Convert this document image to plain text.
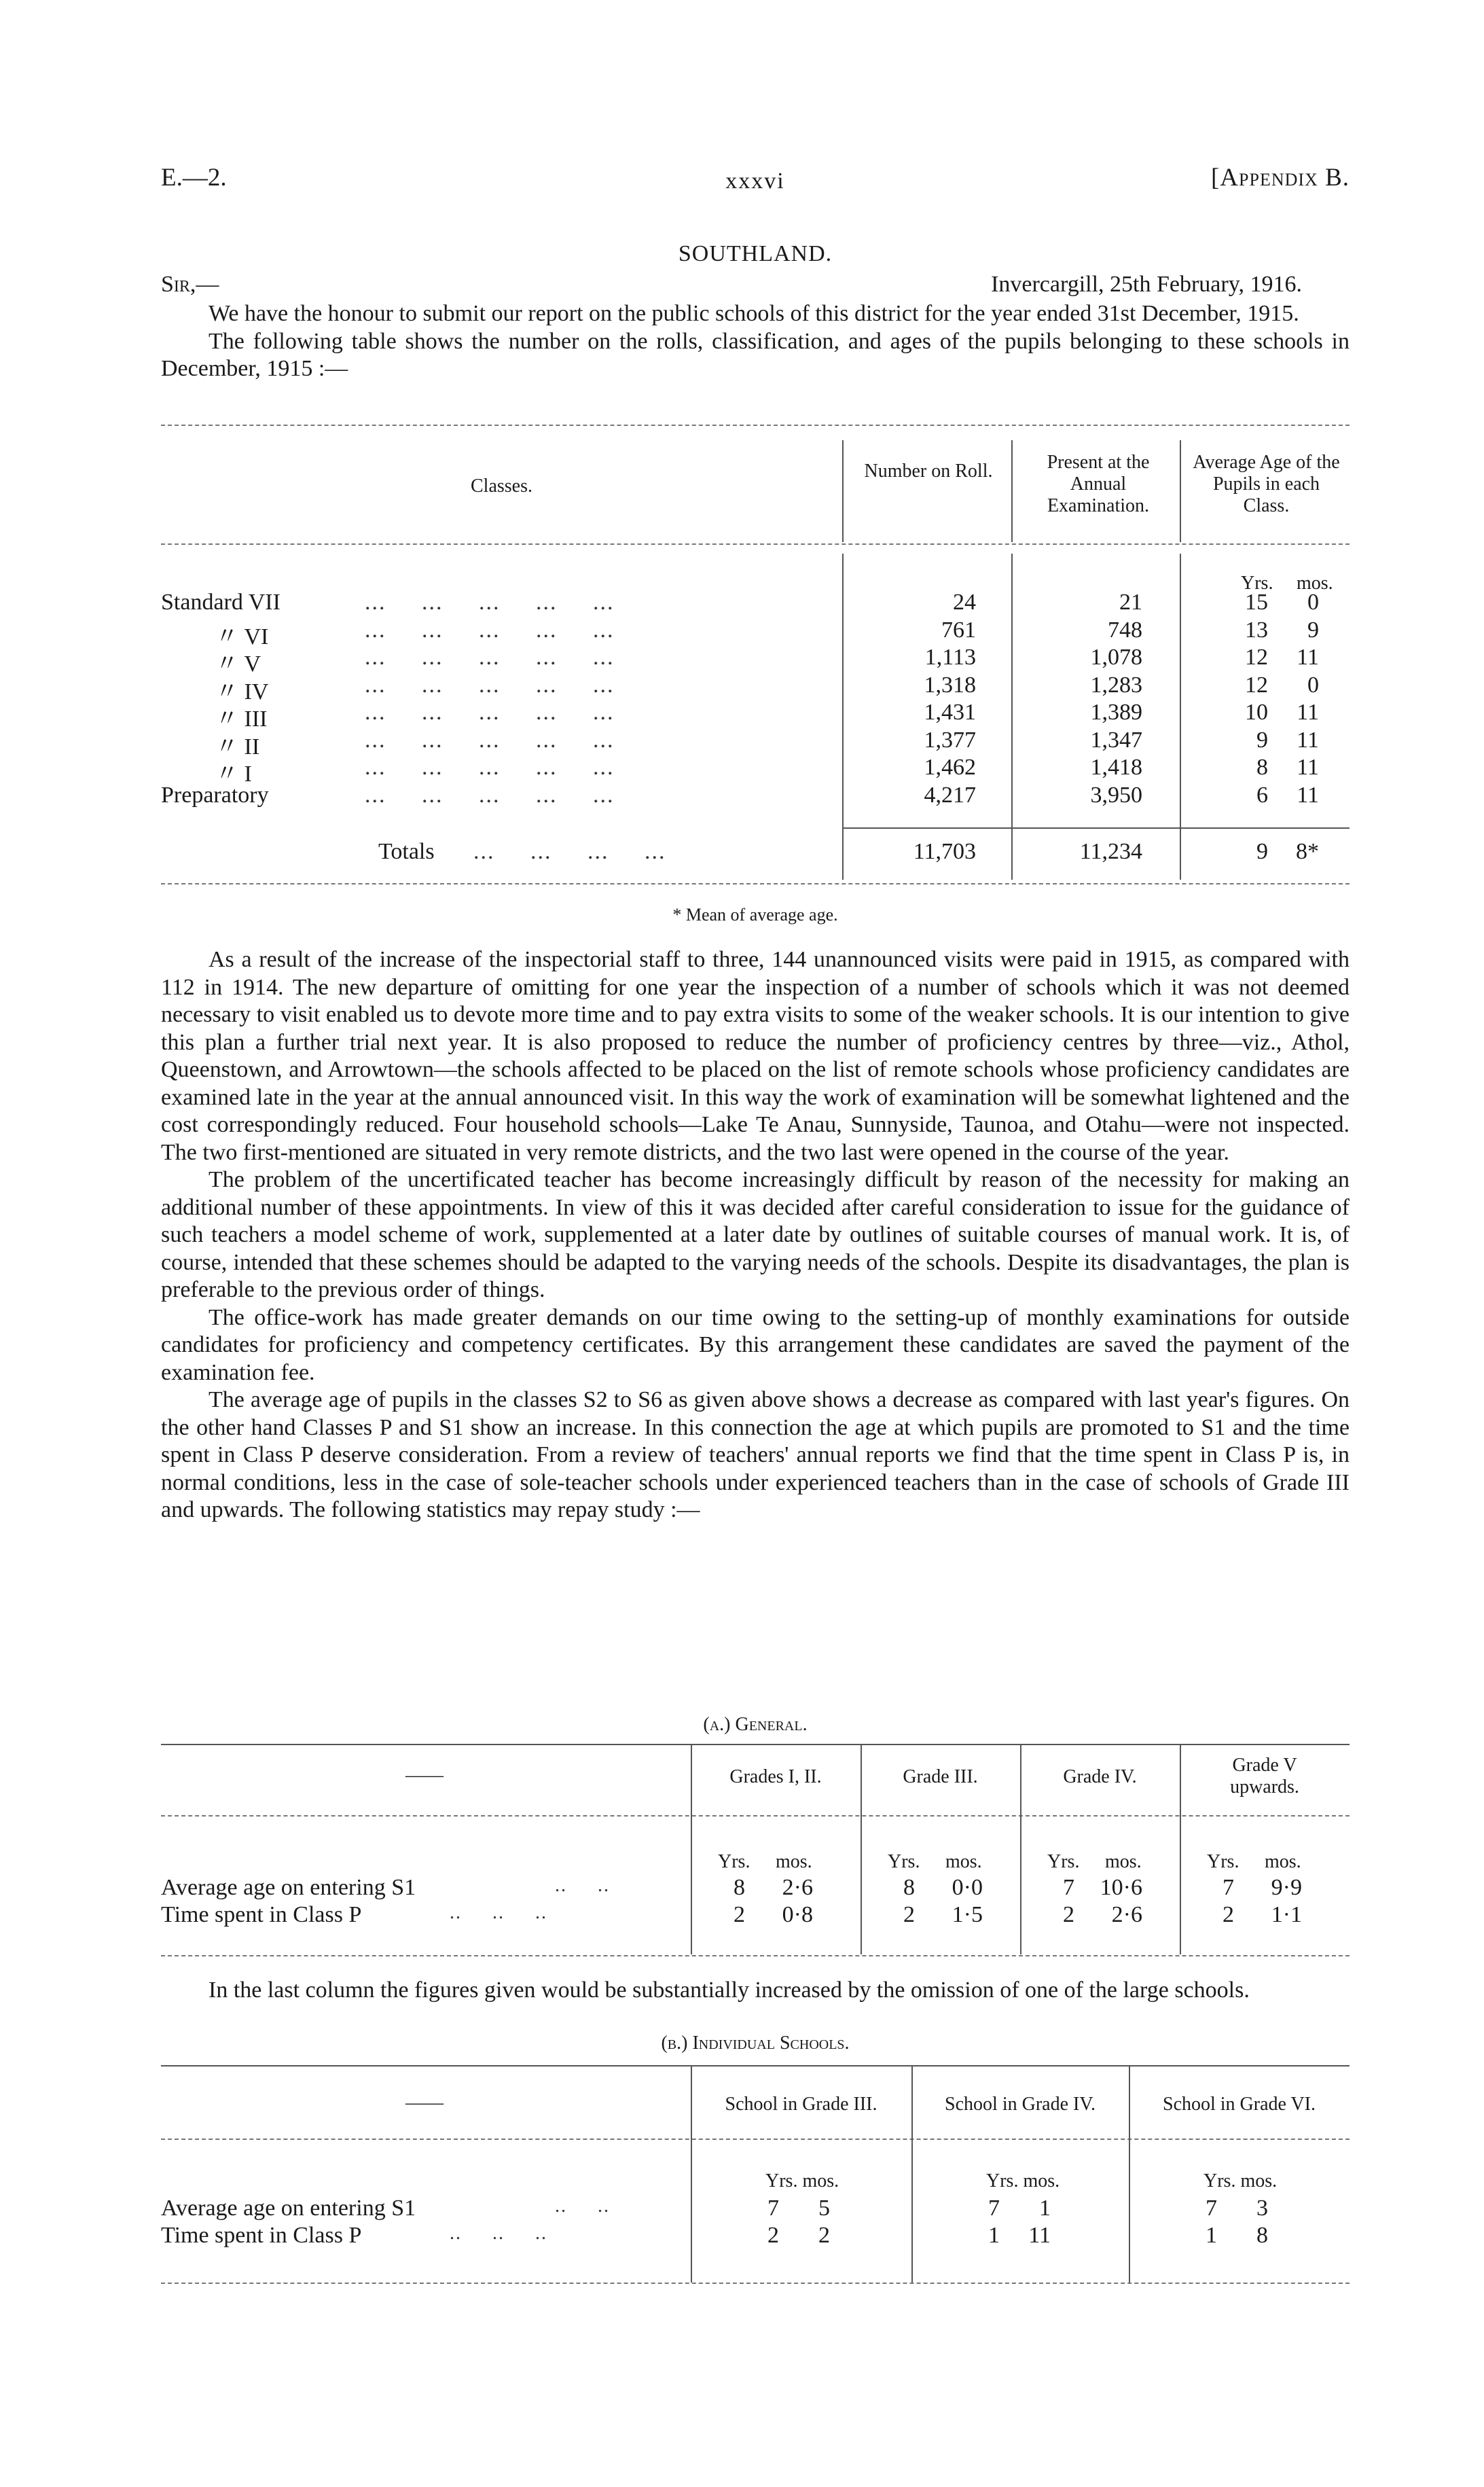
E.—2.	xxxvi	[Appendix B.
SOUTHLAND.
Sir,—	Invercargill, 25th February, 1916.

We have the honour to submit our report on the public schools of this district for the year ended 31st December, 1915.

The following table shows the number on the rolls, classification, and ages of the pupils belonging to these schools in December, 1915 :—

Classes.
Number on Roll.	Present at the Annual Examination.
Average Age of the Pupils in each Class.
Yrs. mos.
Standard VII	...     ...     ...     ...     ...	24	21	15	0
〃 VI	...     ...     ...     ...     ...	761	748	13	9
〃 V	...     ...     ...     ...     ...	1,113	1,078	12	11
〃 IV	...     ...     ...     ...     ...	1,318	1,283	12	0
〃 III	...     ...     ...     ...     ...	1,431	1,389	10	11
〃 II	...     ...     ...     ...     ...	1,377	1,347	9	11
〃 I	...     ...     ...     ...     ...	1,462	1,418	8	11
Preparatory	...     ...     ...     ...     ...	4,217	3,950	6	11
Totals ...     ...     ...     ...	11,703	11,234	9	8*
* Mean of average age.

As a result of the increase of the inspectorial staff to three, 144 unannounced visits were paid in 1915, as compared with 112 in 1914. The new departure of omitting for one year the inspection of a number of schools which it was not deemed necessary to visit enabled us to devote more time and to pay extra visits to some of the weaker schools. It is our intention to give this plan a further trial next year. It is also proposed to reduce the number of proficiency centres by three—viz., Athol, Queenstown, and Arrowtown—the schools affected to be placed on the list of remote schools whose proficiency candidates are examined late in the year at the annual announced visit. In this way the work of examination will be somewhat lightened and the cost correspondingly reduced. Four household schools—Lake Te Anau, Sunnyside, Taunoa, and Otahu—were not inspected. The two first-mentioned are situated in very remote districts, and the two last were opened in the course of the year.

The problem of the uncertificated teacher has become increasingly difficult by reason of the necessity for making an additional number of these appointments. In view of this it was decided after careful consideration to issue for the guidance of such teachers a model scheme of work, supplemented at a later date by outlines of suitable courses of manual work. It is, of course, intended that these schemes should be adapted to the varying needs of the schools. Despite its disadvantages, the plan is preferable to the previous order of things.

The office-work has made greater demands on our time owing to the setting-up of monthly examinations for outside candidates for proficiency and competency certificates. By this arrangement these candidates are saved the payment of the examination fee.

The average age of pupils in the classes S2 to S6 as given above shows a decrease as compared with last year's figures. On the other hand Classes P and S1 show an increase. In this connection the age at which pupils are promoted to S1 and the time spent in Class P deserve consideration. From a review of teachers' annual reports we find that the time spent in Class P is, in normal conditions, less in the case of sole-teacher schools under experienced teachers than in the case of schools of Grade III and upwards. The following statistics may repay study :—

(a.) General.
——	Grades I, II.	Grade III.	Grade IV.
Grade V upwards.
Yrs. mos.	Yrs. mos.	Yrs. mos.	Yrs. mos.
Average age on entering S1	..     ..	8	2·6	8	0·0	7	10·6	7	9·9
Time spent in Class P	..     ..     ..	2	0·8	2	1·5	2	2·6	2	1·1

In the last column the figures given would be substantially increased by the omission of one of the large schools.

(b.) Individual Schools.
——	School in Grade III.	School in Grade IV.	School in Grade VI.
Yrs. mos.	Yrs. mos.	Yrs. mos.
Average age on entering S1	..     ..	7	5	7	1	7	3
Time spent in Class P	..     ..     ..	2	2	1	11	1	8
